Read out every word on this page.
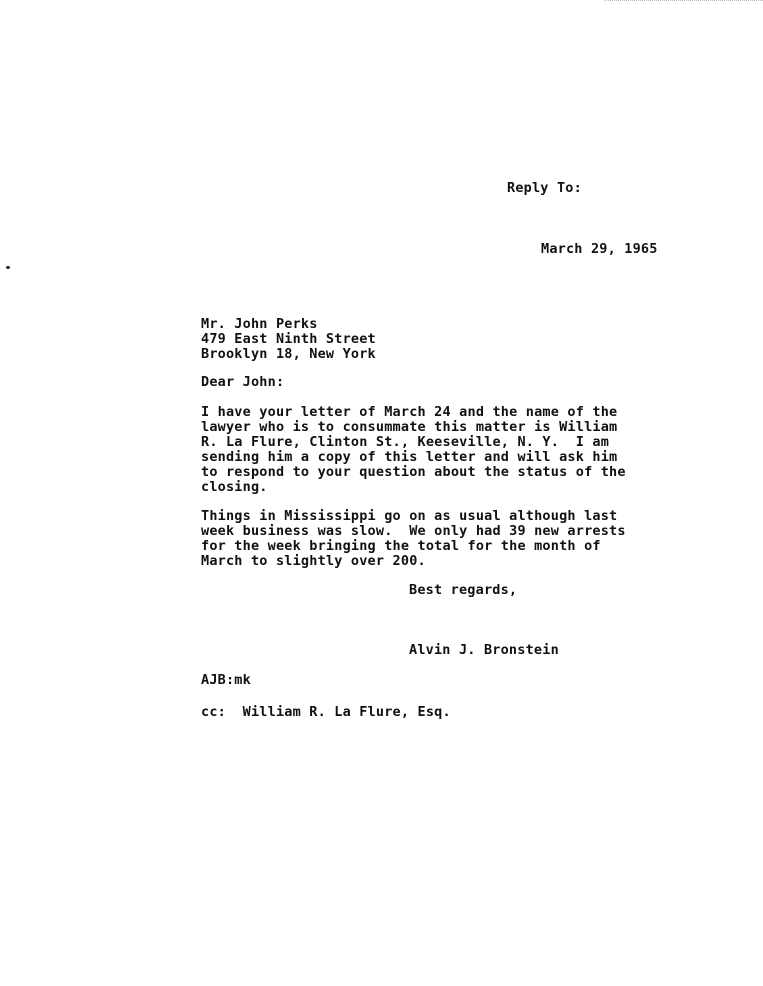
Reply To:
March 29, 1965
Mr. John Perks
479 East Ninth Street
Brooklyn 18, New York
Dear John:
I have your letter of March 24 and the name of the
lawyer who is to consummate this matter is William
R. La Flure, Clinton St., Keeseville, N. Y.  I am
sending him a copy of this letter and will ask him
to respond to your question about the status of the
closing.
Things in Mississippi go on as usual although last
week business was slow.  We only had 39 new arrests
for the week bringing the total for the month of
March to slightly over 200.
Best regards,
Alvin J. Bronstein
AJB:mk
cc:  William R. La Flure, Esq.
